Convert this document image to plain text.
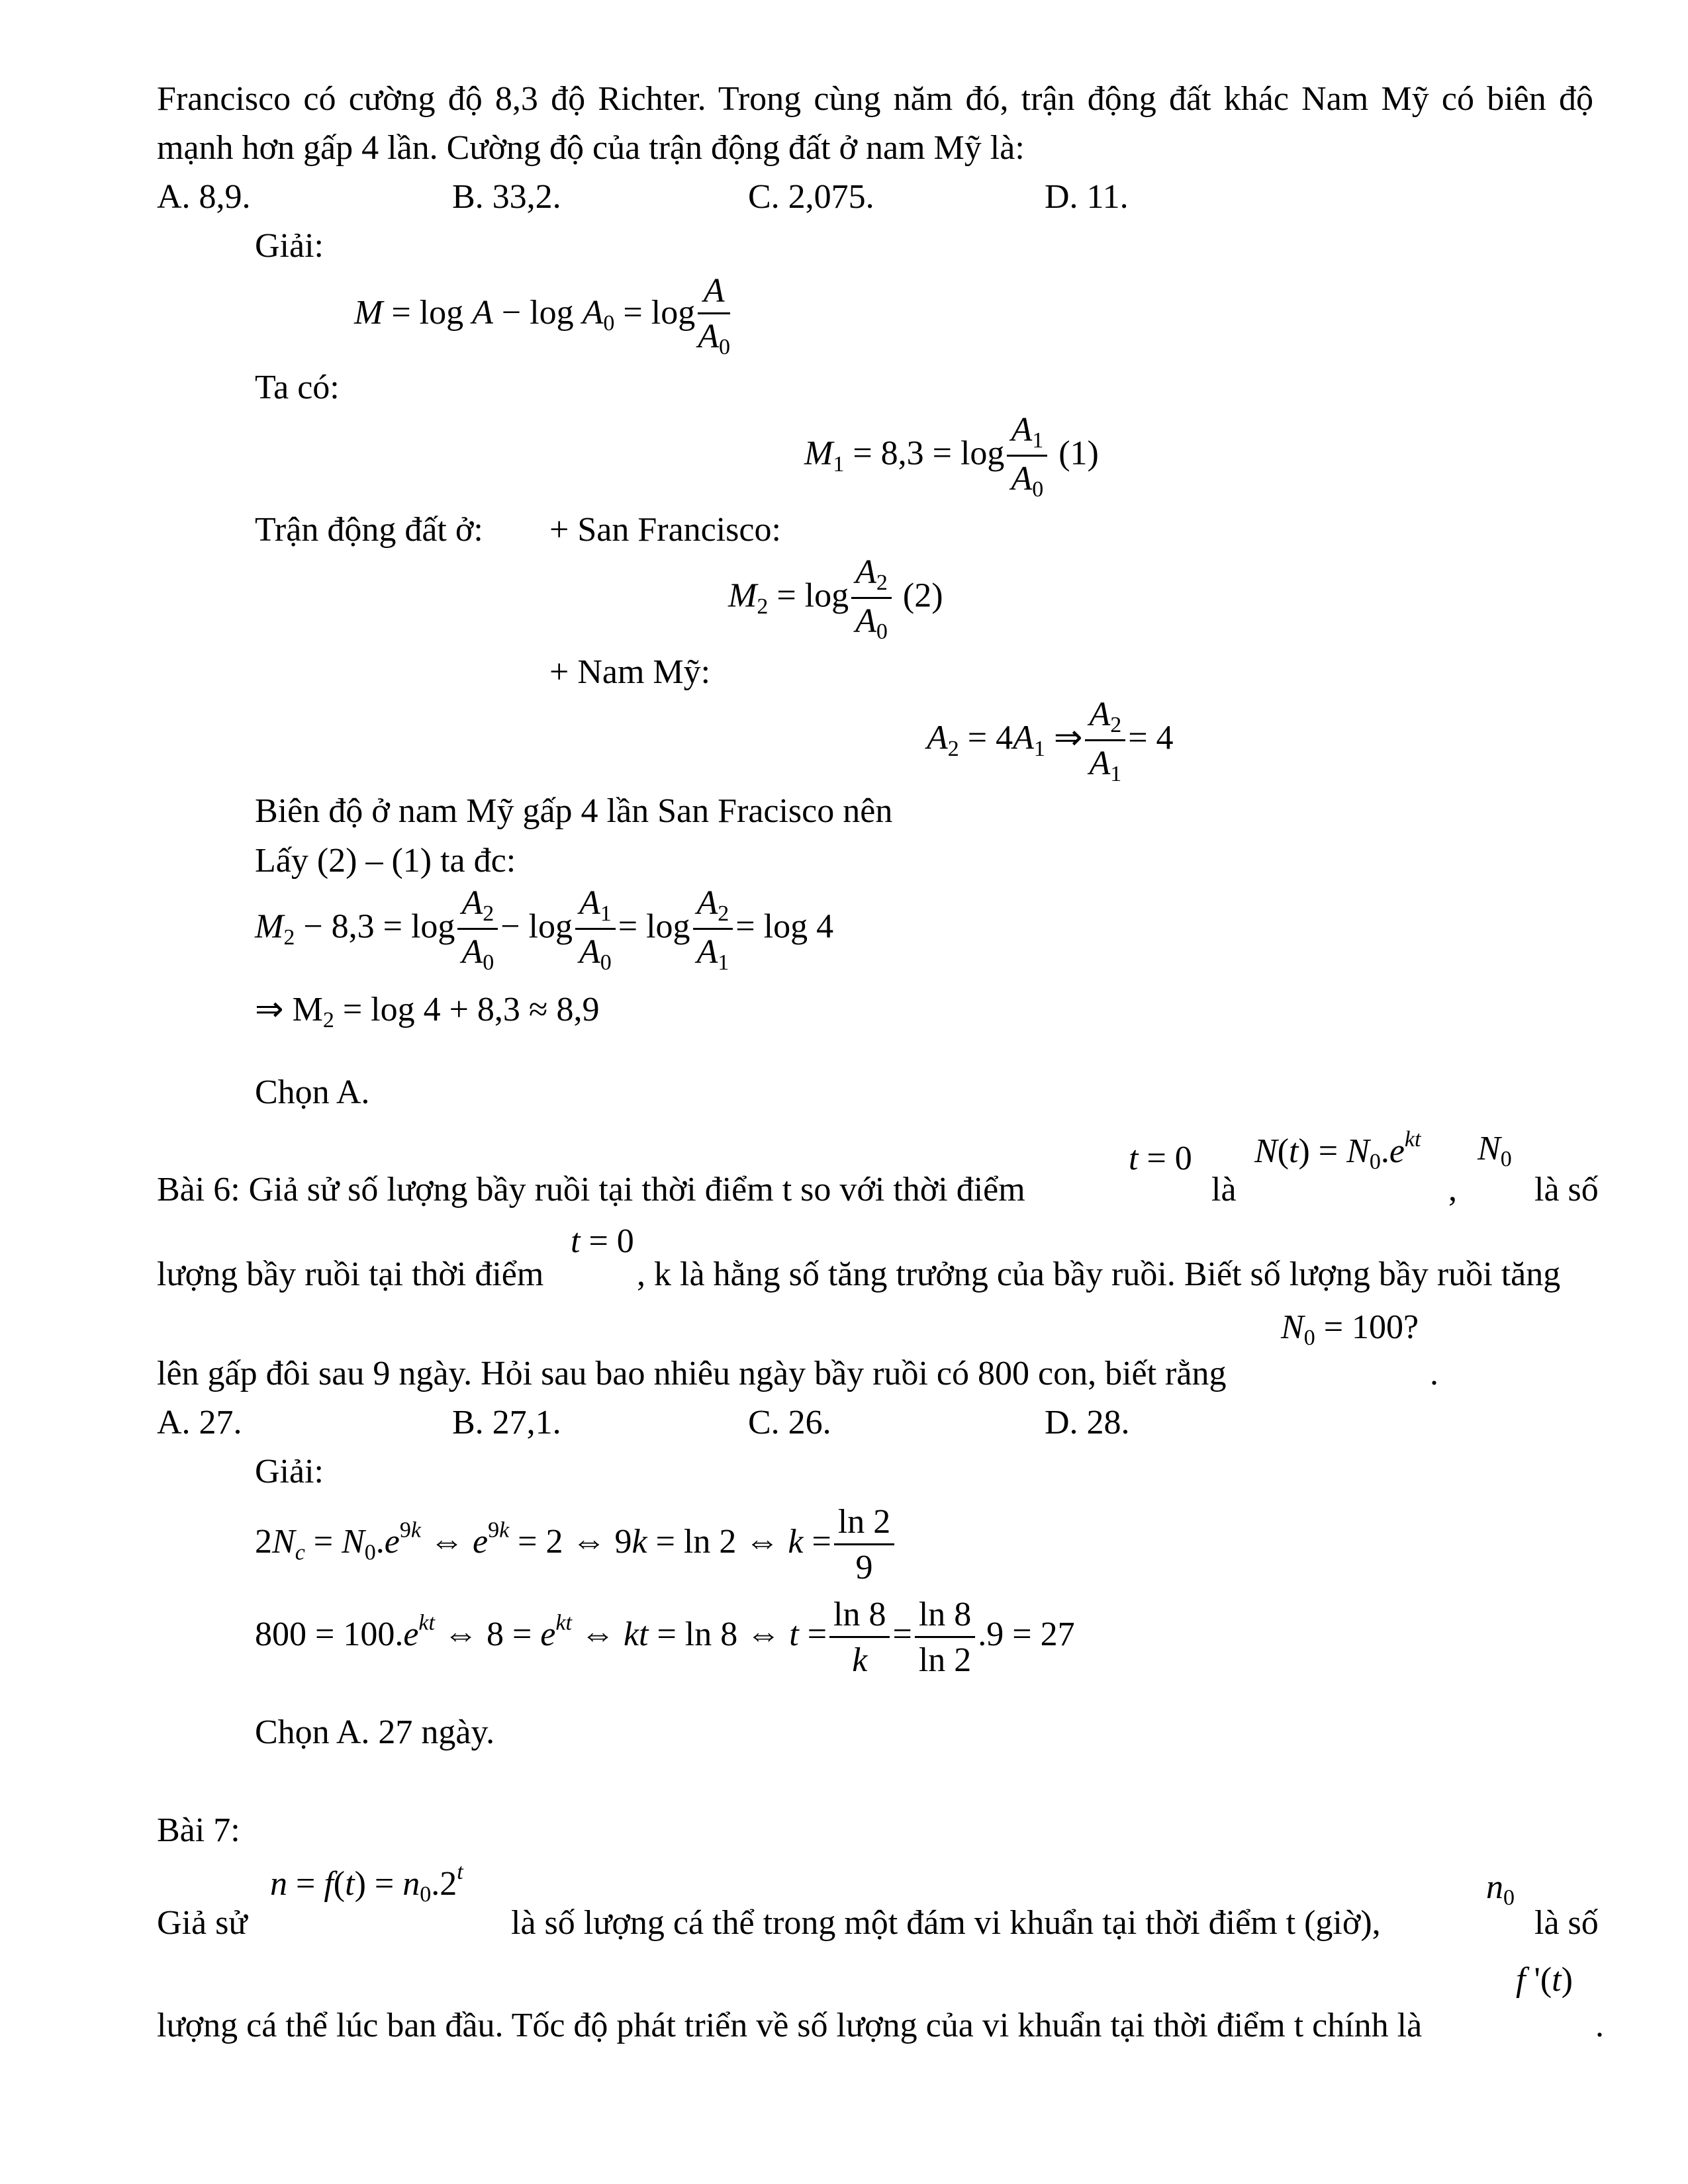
Francisco có cường độ 8,3 độ Richter. Trong cùng năm đó, trận động đất khác Nam Mỹ có biên độ
mạnh hơn gấp 4 lần. Cường độ của trận động đất ở nam Mỹ là:
A. 8,9.	B. 33,2.	C. 2,075.	D. 11.
Giải:
$M = \log A - \log A_0 = \log \frac{A}{A_0}$
Ta có:
$M_1 = 8,3 = \log \frac{A_1}{A_0} (1)$
Trận động đất ở: + San Francisco:
$M_2 = \log \frac{A_2}{A_0} (2)$
+ Nam Mỹ:
$A_2 = 4A_1$ ⇒ $\frac{A_2}{A_1} = 4$
Biên độ ở nam Mỹ gấp 4 lần San Fracisco nên
Lấy (2) – (1) ta đc:
$M_2 - 8,3 = \log \frac{A_2}{A_0} - \log \frac{A_1}{A_0} = \log \frac{A_2}{A_1} = \log 4$
⇒ $M_2 = \log 4 + 8,3 \approx 8,9$
Chọn A.
t = 0 $N(t) = N_0.e^{kt}$ $N_0$
Bài 6: Giả sử số lượng bầy ruồi tại thời điểm t so với thời điểm	là	, là số
t = 0
lượng bầy ruồi tại thời điểm	, k là hằng số tăng trưởng của bầy ruồi. Biết số lượng bầy ruồi tăng
$N_0 = 100$?
lên gấp đôi sau 9 ngày. Hỏi sau bao nhiêu ngày bầy ruồi có 800 con, biết rằng	.
A. 27.	B. 27,1.	C. 26.	D. 28.
Giải:
$2N_c = N_0.e^{9k}$ ⇔ $e^{9k} = 2$ ⇔ 9k = ln 2 ⇔ $k = \frac{\ln 2}{9}$
$800 = 100.e^{kt}$ ⇔ $8 = e^{kt}$ ⇔ kt = ln 8 ⇔ $t = \frac{\ln 8}{k} = \frac{\ln 8}{\ln 2} .9 = 27$
Chọn A. 27 ngày.
Bài 7:
$n = f(t) = n_0.2^t$	$n_0$
Giả sử	là số lượng cá thể trong một đám vi khuẩn tại thời điểm t (giờ),	là số
f '(t)
lượng cá thể lúc ban đầu. Tốc độ phát triển về số lượng của vi khuẩn tại thời điểm t chính là	.
